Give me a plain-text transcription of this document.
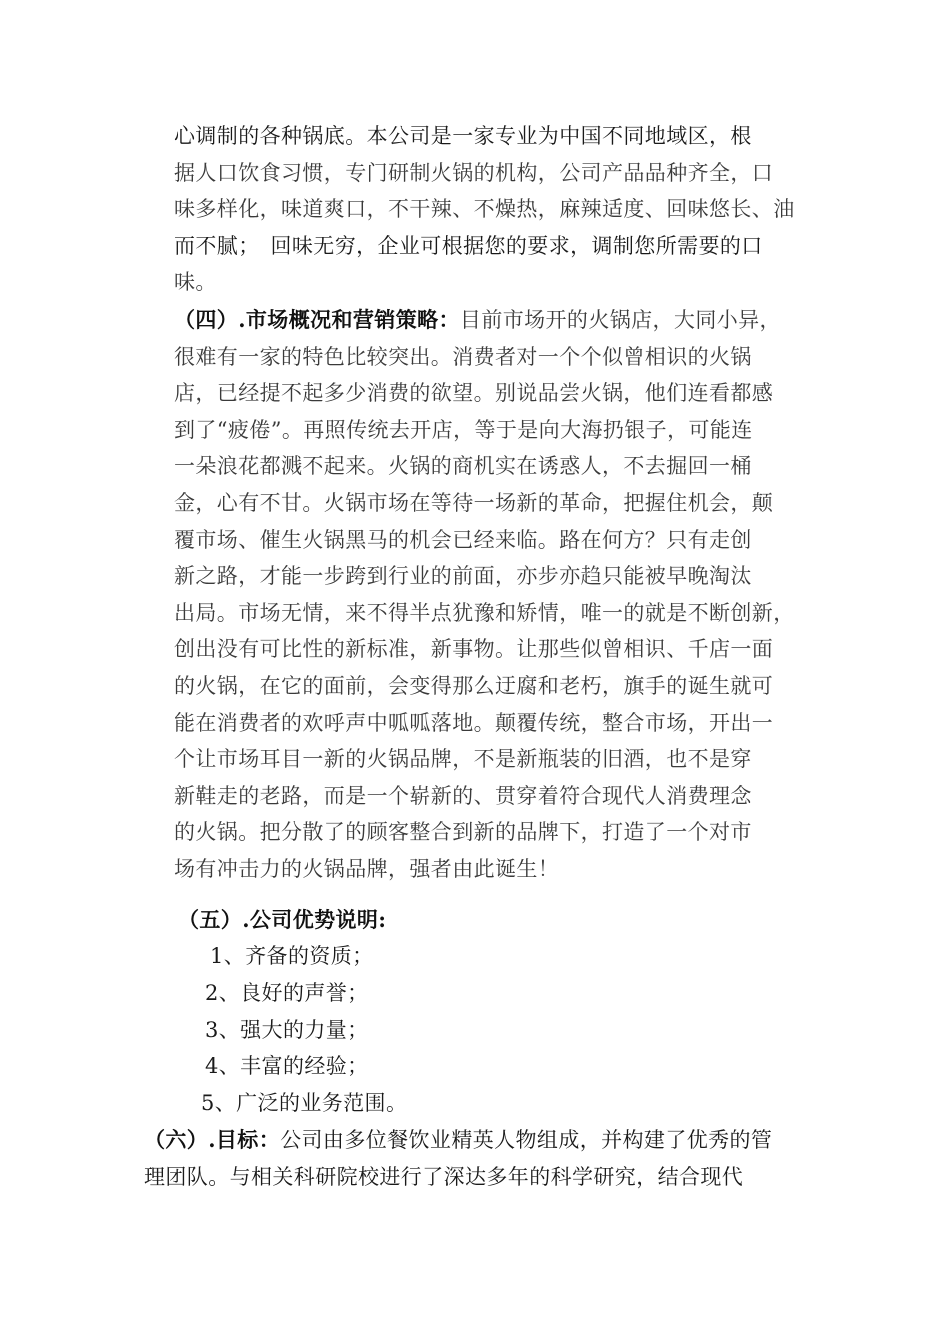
心调制的各种锅底。本公司是一家专业为中国不同地域区，根
据人口饮食习惯，专门研制火锅的机构，公司产品品种齐全，口
味多样化，味道爽口，不干辣、不燥热，麻辣适度、回味悠长、油
而不腻；　回味无穷，企业可根据您的要求，调制您所需要的口
味。
（四）.市场概况和营销策略：目前市场开的火锅店，大同小异，
很难有一家的特色比较突出。消费者对一个个似曾相识的火锅
店，已经提不起多少消费的欲望。别说品尝火锅，他们连看都感
到了“疲倦”。再照传统去开店，等于是向大海扔银子，可能连
一朵浪花都溅不起来。火锅的商机实在诱惑人，不去掘回一桶
金，心有不甘。火锅市场在等待一场新的革命，把握住机会，颠
覆市场、催生火锅黑马的机会已经来临。路在何方？只有走创
新之路，才能一步跨到行业的前面，亦步亦趋只能被早晚淘汰
出局。市场无情，来不得半点犹豫和矫情，唯一的就是不断创新，
创出没有可比性的新标准，新事物。让那些似曾相识、千店一面
的火锅，在它的面前，会变得那么迂腐和老朽，旗手的诞生就可
能在消费者的欢呼声中呱呱落地。颠覆传统，整合市场，开出一
个让市场耳目一新的火锅品牌，不是新瓶装的旧酒，也不是穿
新鞋走的老路，而是一个崭新的、贯穿着符合现代人消费理念
的火锅。把分散了的顾客整合到新的品牌下，打造了一个对市
场有冲击力的火锅品牌，强者由此诞生！
（五）.公司优势说明:
1、齐备的资质；
2、良好的声誉；
3、强大的力量；
4、丰富的经验；
5、广泛的业务范围。
（六）.目标：公司由多位餐饮业精英人物组成，并构建了优秀的管
理团队。与相关科研院校进行了深达多年的科学研究，结合现代
